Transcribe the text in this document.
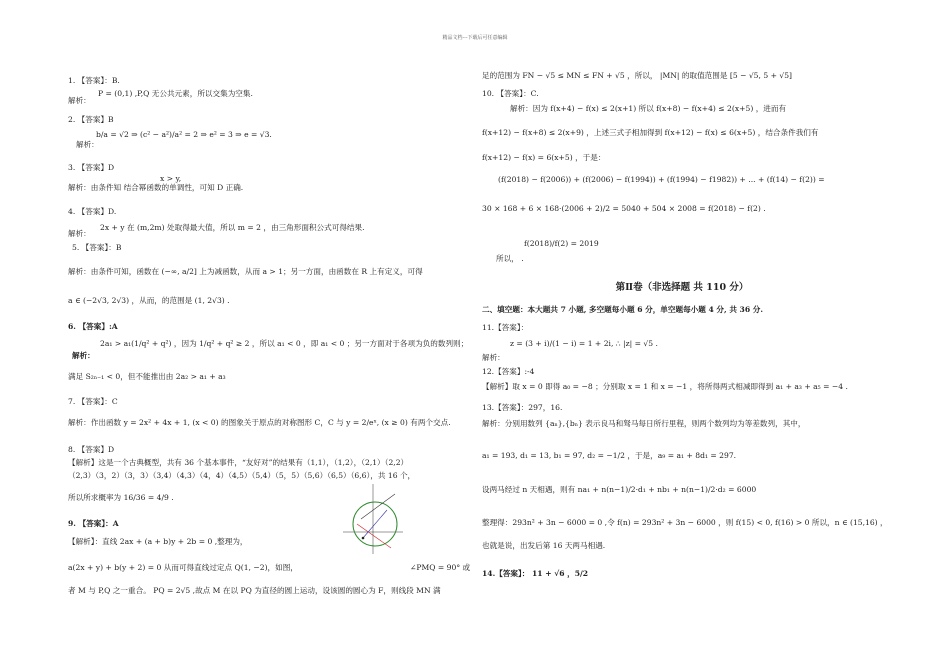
精品文档---下载后可任意编辑
1. 【答案】：B.
P = (0,1) ,P,Q 无公共元素，所以交集为空集.
解析：
2. 【答案】B
b/a = √2 ⇒ (c² − a²)/a² = 2 ⇒ e² = 3 ⇒ e = √3.
解析：
3. 【答案】D
x > y,
解析：由条件知 结合幂函数的单调性，可知 D 正确.
4. 【答案】D.
2x + y 在 (m,2m) 处取得最大值，所以 m = 2 ，由三角形面积公式可得结果.
解析：
5. 【答案】：B
解析：由条件可知，函数在 (−∞, a/2] 上为减函数，从而 a > 1；另一方面，由函数在 R 上有定义，可得
a ∈ (−2√3, 2√3) ，从而，的范围是 (1, 2√3) .
6. 【答案】:A
2a₁ > a₁(1/q² + q²) ，因为 1/q² + q² ≥ 2 ，所以 a₁ < 0 ，即 a₁ < 0 ；另一方面对于各项为负的数列则；
解析：
满足 S₂ₙ₋₁ < 0，但不能推出由 2a₂ > a₁ + a₃
7. 【答案】：C
解析：作出函数 y = 2x² + 4x + 1, (x < 0) 的图象关于原点的对称图形 C，C 与 y = 2/eˣ, (x ≥ 0) 有两个交点.
8. 【答案】D
【解析】这是一个古典概型，共有 36 个基本事件，“友好对”的结果有（1,1），（1,2），（2,1）（2,2）
（2,3）（3，2）（3，3）（3,4）（4,3）（4，4）（4,5）（5,4）（5，5）（5,6）（6,5）（6,6），共 16 个，
所以所求概率为 16/36 = 4/9 .
9. 【答案】：A
【解析】：直线 2ax + (a + b)y + 2b = 0 ,整理为，
a(2x + y) + b(y + 2) = 0 从而可得直线过定点 Q(1, −2)，如图，	∠PMQ = 90° 或
者 M 与 P,Q 之一重合。 PQ = 2√5 ,故点 M 在以 PQ 为直径的圆上运动，设该圆的圆心为 F，则线段 MN 满
足的范围为 FN − √5 ≤ MN ≤ FN + √5 ，所以， |MN| 的取值范围是 [5 − √5, 5 + √5]
10. 【答案】：C.
解析：因为 f(x+4) − f(x) ≤ 2(x+1) 所以 f(x+8) − f(x+4) ≤ 2(x+5) ，进而有
f(x+12) − f(x+8) ≤ 2(x+9) ，上述三式子相加得到 f(x+12) − f(x) ≤ 6(x+5) ，结合条件我们有
f(x+12) − f(x) = 6(x+5) ，于是：
(f(2018) − f(2006)) + (f(2006) − f(1994)) + (f(1994) − f1982)) + ... + (f(14) − f(2)) =
30 × 168 + 6 × 168·(2006 + 2)/2 = 5040 + 504 × 2008 = f(2018) − f(2) .
f(2018)/f(2) = 2019
所以， .
第Ⅱ卷（非选择题 共 110 分）
二、填空题：本大题共 7 小题, 多空题每小题 6 分，单空题每小题 4 分, 共 36 分.
11.【答案】：
z = (3 + i)/(1 − i) = 1 + 2i, ∴ |z| = √5 .
解析：
12.【答案】:-4
【解析】取 x = 0 即得 a₀ = −8 ；分别取 x = 1 和 x = −1 ，将所得两式相减即得到 a₁ + a₃ + a₅ = −4 .
13.【答案】：297，16.
解析：分别用数列 {aₙ},{bₙ} 表示良马和驽马每日所行里程，则两个数列均为等差数列，其中，
a₁ = 193, d₁ = 13, b₁ = 97, d₂ = −1/2 ，于是，a₉ = a₁ + 8d₁ = 297.
设两马经过 n 天相遇，则有 na₁ + n(n−1)/2·d₁ + nb₁ + n(n−1)/2·d₂ = 6000
整理得：293n² + 3n − 6000 = 0 ,令 f(n) = 293n² + 3n − 6000 ，则 f(15) < 0, f(16) > 0 所以，n ∈ (15,16) ，
也就是说，出发后第 16 天两马相遇.
14.【答案】： 11 + √6 ，5/2
